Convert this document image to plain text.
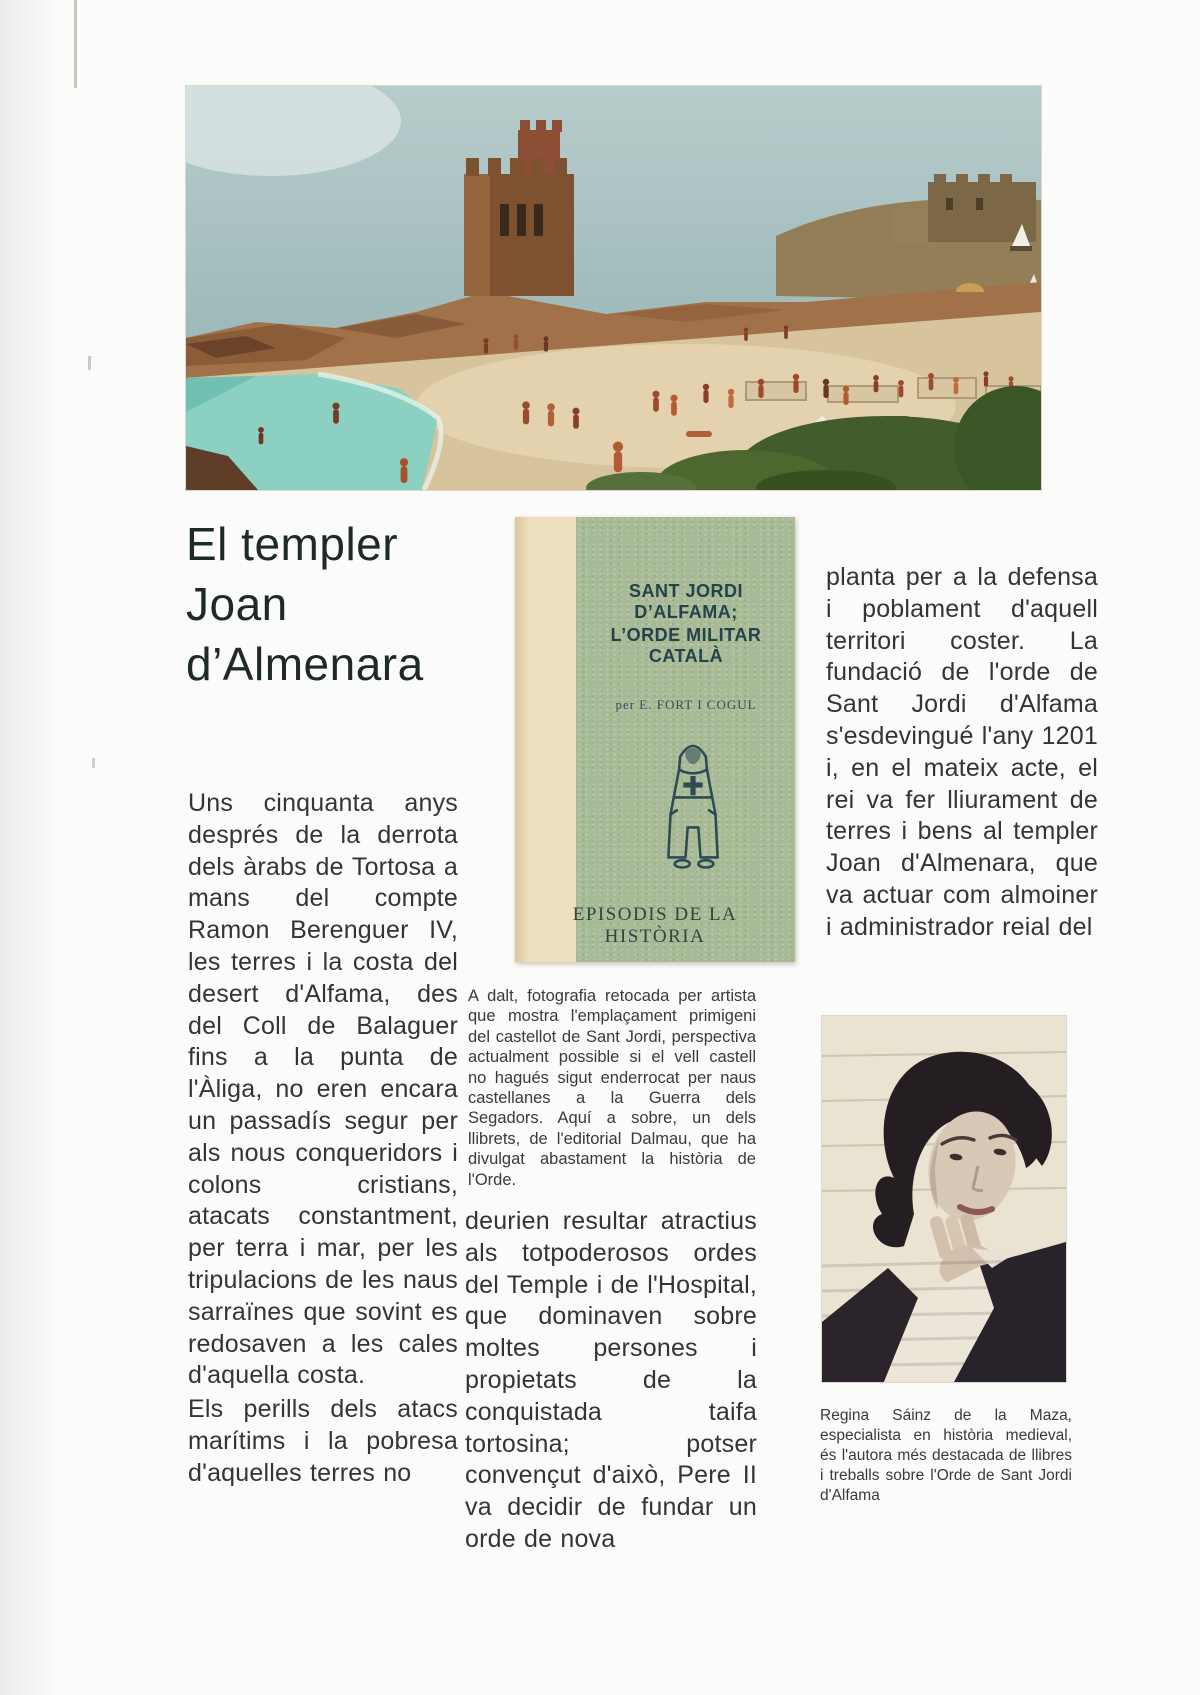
El templer
Joan
d’Almenara

Uns cinquanta anys després de la derrota dels àrabs de Tortosa a mans del compte Ramon Berenguer IV, les terres i la costa del desert d'Alfama, des del Coll de Balaguer fins a la punta de l'Àliga, no eren encara un passadís segur per als nous conqueridors i colons cristians, atacats constantment, per terra i mar, per les tripulacions de les naus sarraïnes que sovint es redosaven a les cales d'aquella costa.

Els perills dels atacs marítims i la pobresa d'aquelles terres no

SANT JORDI D’ALFAMA;
L’ORDE MILITAR CATALÀ
per E. FORT I COGUL
EPISODIS DE LA HISTÒRIA

A dalt, fotografia retocada per artista que mostra l'emplaçament primigeni del castellot de Sant Jordi, perspectiva actualment possible si el vell castell no hagués sigut enderrocat per naus castellanes a la Guerra dels Segadors. Aquí a sobre, un dels llibrets, de l'editorial Dalmau, que ha divulgat abastament la història de l'Orde.

deurien resultar atractius als totpoderosos ordes del Temple i de l'Hospital, que dominaven sobre moltes persones i propietats de la conquistada taifa tortosina; potser convençut d'això, Pere II va decidir de fundar un orde de nova

planta per a la defensa i poblament d'aquell territori coster. La fundació de l'orde de Sant Jordi d'Alfama s'esdevingué l'any 1201 i, en el mateix acte, el rei va fer lliurament de terres i bens al templer Joan d'Almenara, que va actuar com almoiner i administrador reial del

Regina Sáinz de la Maza, especialista en història medieval, és l'autora més destacada de llibres i treballs sobre l'Orde de Sant Jordi d'Alfama
